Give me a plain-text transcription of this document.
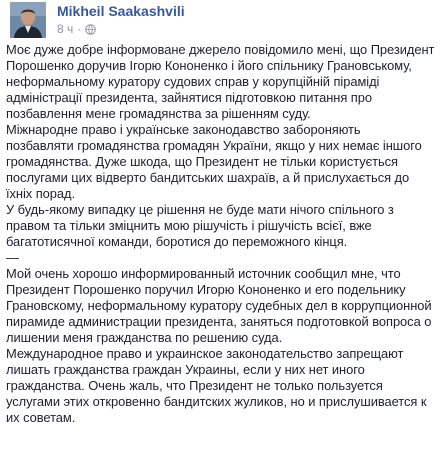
Mikheil Saakashvili
8 ч ·

Моє дуже добре інформоване джерело повідомило мені, що Президент

Порошенко доручив Ігорю Кононенко і його спільнику Грановському,

неформальному куратору судових справ у корупційній піраміді

адміністрації президента, зайнятися підготовкою питання про

позбавлення мене громадянства за рішенням суду.

Міжнародне право і українське законодавство забороняють

позбавляти громадянства громадян України, якщо у них немає іншого

громадянства. Дуже шкода, що Президент не тільки користується

послугами цих відверто бандитських шахраїв, а й прислухається до

їхніх порад.

У будь-якому випадку це рішення не буде мати нічого спільного з

правом та тільки зміцнить мою рішучість і рішучість всієї, вже

багатотисячної команди, боротися до переможного кінця.

—

Мой очень хорошо информированный источник сообщил мне, что

Президент Порошенко поручил Игорю Кононенко и его подельнику

Грановскому, неформальному куратору судебных дел в коррупционной

пирамиде администрации президента, заняться подготовкой вопроса о

лишении меня гражданства по решению суда.

Международное право и украинское законодательство запрещают

лишать гражданства граждан Украины, если у них нет иного

гражданства. Очень жаль, что Президент не только пользуется

услугами этих откровенно бандитских жуликов, но и прислушивается к

их советам.
